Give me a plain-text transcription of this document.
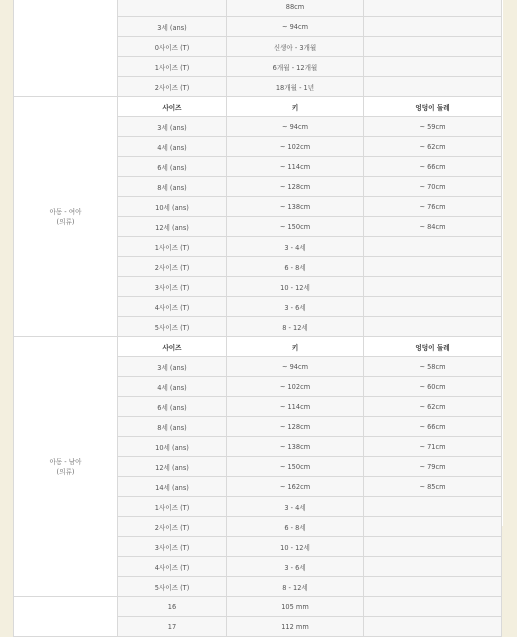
		88cm	
	3세 (ans)	~ 94cm	
	0사이즈 (T)	신생아 - 3개월	
	1사이즈 (T)	6개월 - 12개월	
	2사이즈 (T)	18개월 - 1년	

아동 - 여아
(의류)	사이즈	키	엉덩이 둘레
	3세 (ans)	~ 94cm	~ 59cm
	4세 (ans)	~ 102cm	~ 62cm
	6세 (ans)	~ 114cm	~ 66cm
	8세 (ans)	~ 128cm	~ 70cm
	10세 (ans)	~ 138cm	~ 76cm
	12세 (ans)	~ 150cm	~ 84cm
	1사이즈 (T)	3 - 4세	
	2사이즈 (T)	6 - 8세	
	3사이즈 (T)	10 - 12세	
	4사이즈 (T)	3 - 6세	
	5사이즈 (T)	8 - 12세	

아동 - 남아
(의류)	사이즈	키	엉덩이 둘레
	3세 (ans)	~ 94cm	~ 58cm
	4세 (ans)	~ 102cm	~ 60cm
	6세 (ans)	~ 114cm	~ 62cm
	8세 (ans)	~ 128cm	~ 66cm
	10세 (ans)	~ 138cm	~ 71cm
	12세 (ans)	~ 150cm	~ 79cm
	14세 (ans)	~ 162cm	~ 85cm
	1사이즈 (T)	3 - 4세	
	2사이즈 (T)	6 - 8세	
	3사이즈 (T)	10 - 12세	
	4사이즈 (T)	3 - 6세	
	5사이즈 (T)	8 - 12세	
	16	105 mm	
	17	112 mm	
